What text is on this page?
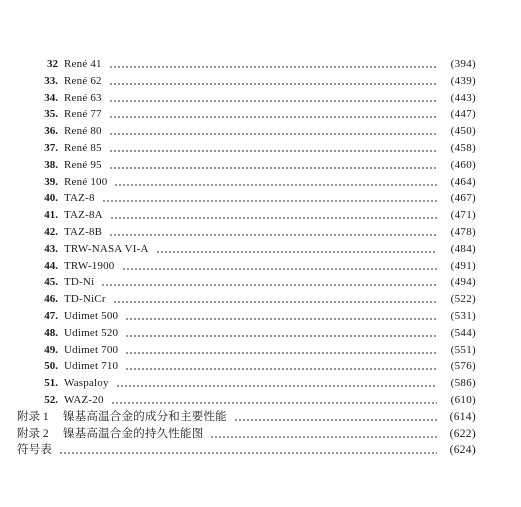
32 René 41	(394)
33. René 62	(439)
34. René 63	(443)
35. René 77	(447)
36. René 80	(450)
37. René 85	(458)
38. René 95	(460)
39. René 100	(464)
40. TAZ-8	(467)
41. TAZ-8A	(471)
42. TAZ-8B	(478)
43. TRW-NASA VI-A	(484)
44. TRW-1900	(491)
45. TD-Ni	(494)
46. TD-NiCr	(522)
47. Udimet 500	(531)
48. Udimet 520	(544)
49. Udimet 700	(551)
50. Udimet 710	(576)
51. Waspaloy	(586)
52. WAZ-20	(610)
附录 1	镍基高温合金的成分和主要性能	(614)
附录 2	镍基高温合金的持久性能图	(622)
符号表	(624)
